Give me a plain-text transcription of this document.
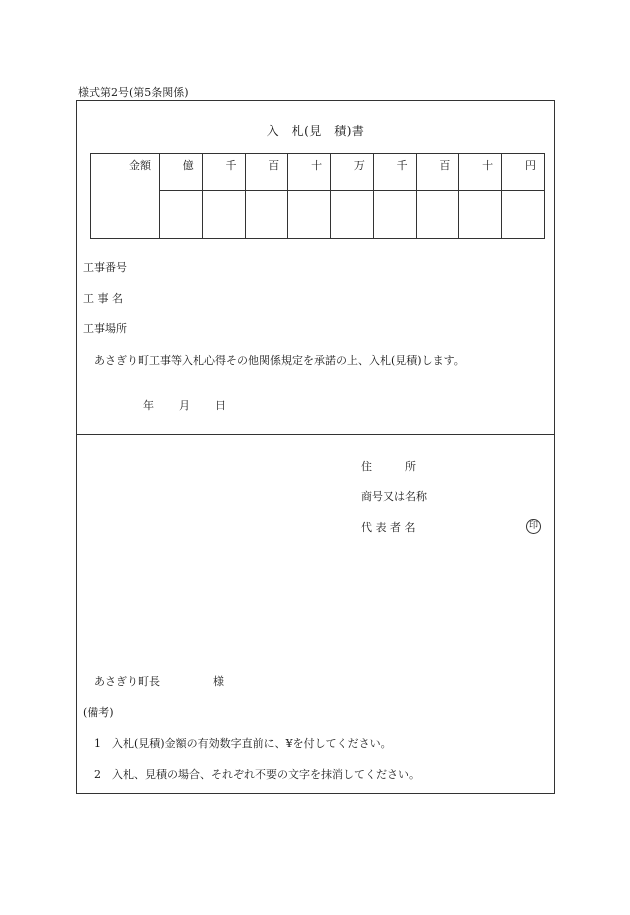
様式第2号(第5条関係)
入　札(見　積)書
金額	億	千	百	十	万	千	百	十	円

工事番号
工 事 名
工事場所
あさぎり町工事等入札心得その他関係規定を承諾の上、入札(見積)します。
年 月 日
住　　　所
商号又は名称
代 表 者 名	印
あさぎり町長	様
(備考)
1　入札(見積)金額の有効数字直前に、¥を付してください。
2　入札、見積の場合、それぞれ不要の文字を抹消してください。
